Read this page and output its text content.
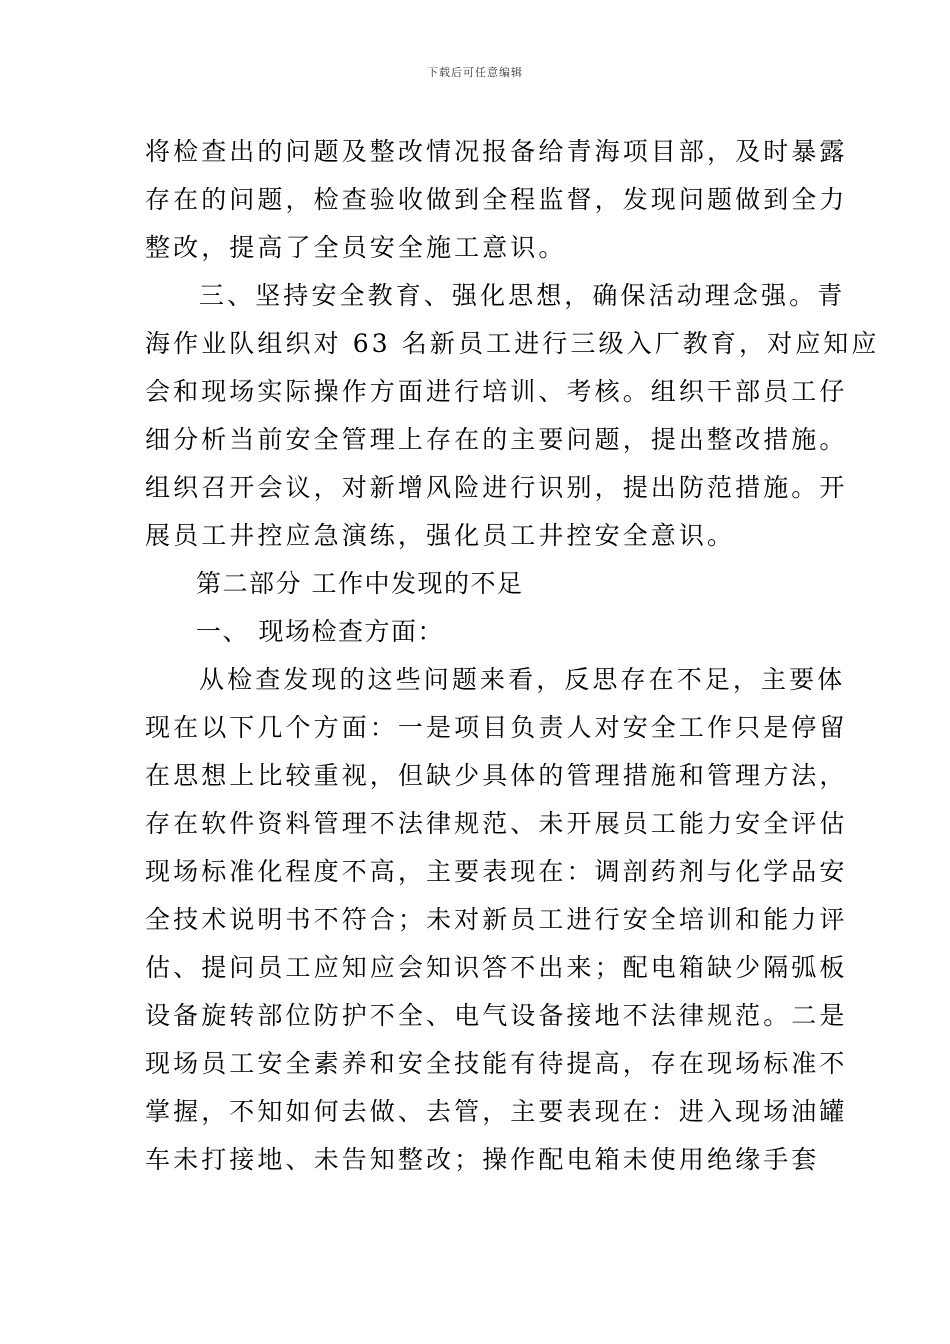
下载后可任意编辑
将检查出的问题及整改情况报备给青海项目部，及时暴露
存在的问题，检查验收做到全程监督，发现问题做到全力
整改，提高了全员安全施工意识。
三、坚持安全教育、强化思想，确保活动理念强。青
海作业队组织对 63 名新员工进行三级入厂教育，对应知应
会和现场实际操作方面进行培训、考核。组织干部员工仔
细分析当前安全管理上存在的主要问题，提出整改措施。
组织召开会议，对新增风险进行识别，提出防范措施。开
展员工井控应急演练，强化员工井控安全意识。
第二部分 工作中发现的不足
一、 现场检查方面：
从检查发现的这些问题来看，反思存在不足，主要体
现在以下几个方面：一是项目负责人对安全工作只是停留
在思想上比较重视，但缺少具体的管理措施和管理方法，
存在软件资料管理不法律规范、未开展员工能力安全评估
现场标准化程度不高，主要表现在：调剖药剂与化学品安
全技术说明书不符合；未对新员工进行安全培训和能力评
估、提问员工应知应会知识答不出来；配电箱缺少隔弧板
设备旋转部位防护不全、电气设备接地不法律规范。二是
现场员工安全素养和安全技能有待提高，存在现场标准不
掌握，不知如何去做、去管，主要表现在：进入现场油罐
车未打接地、未告知整改；操作配电箱未使用绝缘手套
